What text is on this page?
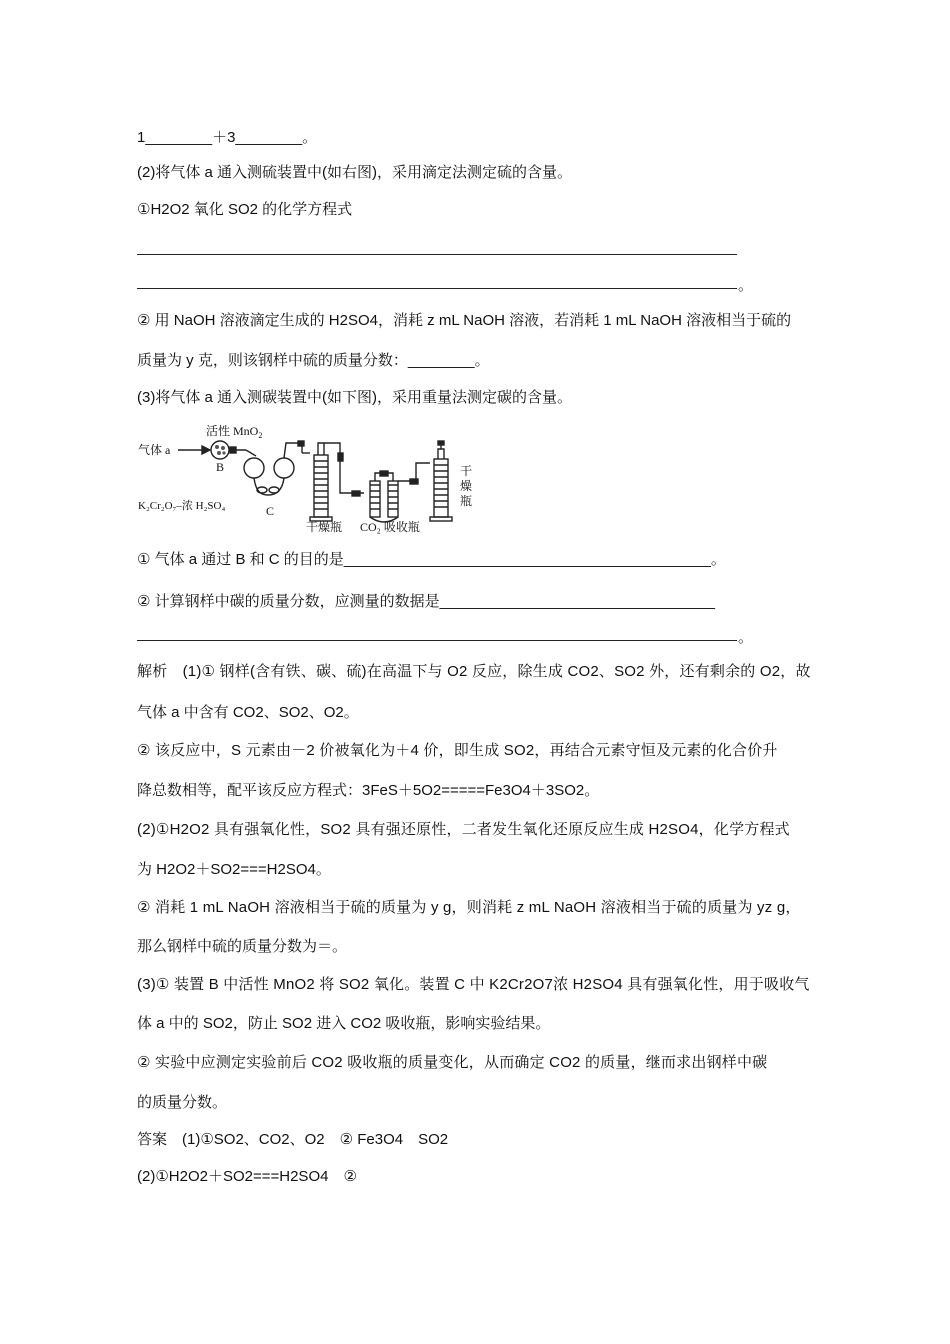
1________＋3________。
(2)将气体 a 通入测硫装置中(如右图)，采用滴定法测定硫的含量。
①H2O2 氧化 SO2 的化学方程式
。
② 用 NaOH 溶液滴定生成的 H2SO4，消耗 z mL NaOH 溶液，若消耗 1 mL NaOH 溶液相当于硫的
质量为 y 克，则该钢样中硫的质量分数：________。
(3)将气体 a 通入测碳装置中(如下图)，采用重量法测定碳的含量。
气体 a
活性 MnO$_2$
B
C
K₂Cr₂O₇–浓 H₂SO₄
干燥瓶 CO₂ 吸收瓶
干
燥
瓶
① 气体 a 通过 B 和 C 的目的是____________________________________________。
② 计算钢样中碳的质量分数，应测量的数据是_________________________________
。
解析　(1)① 钢样(含有铁、碳、硫)在高温下与 O2 反应，除生成 CO2、SO2 外，还有剩余的 O2，故
气体 a 中含有 CO2、SO2、O2。
② 该反应中，S 元素由－2 价被氧化为＋4 价，即生成 SO2，再结合元素守恒及元素的化合价升
降总数相等，配平该反应方程式：3FeS＋5O2=====Fe3O4＋3SO2。
(2)①H2O2 具有强氧化性，SO2 具有强还原性，二者发生氧化还原反应生成 H2SO4，化学方程式
为 H2O2＋SO2===H2SO4。
② 消耗 1 mL NaOH 溶液相当于硫的质量为 y g，则消耗 z mL NaOH 溶液相当于硫的质量为 yz g，
那么钢样中硫的质量分数为＝。
(3)① 装置 B 中活性 MnO2 将 SO2 氧化。装置 C 中 K2Cr2O7浓 H2SO4 具有强氧化性，用于吸收气
体 a 中的 SO2，防止 SO2 进入 CO2 吸收瓶，影响实验结果。
② 实验中应测定实验前后 CO2 吸收瓶的质量变化，从而确定 CO2 的质量，继而求出钢样中碳
的质量分数。
答案　(1)①SO2、CO2、O2　② Fe3O4　SO2
(2)①H2O2＋SO2===H2SO4　②
